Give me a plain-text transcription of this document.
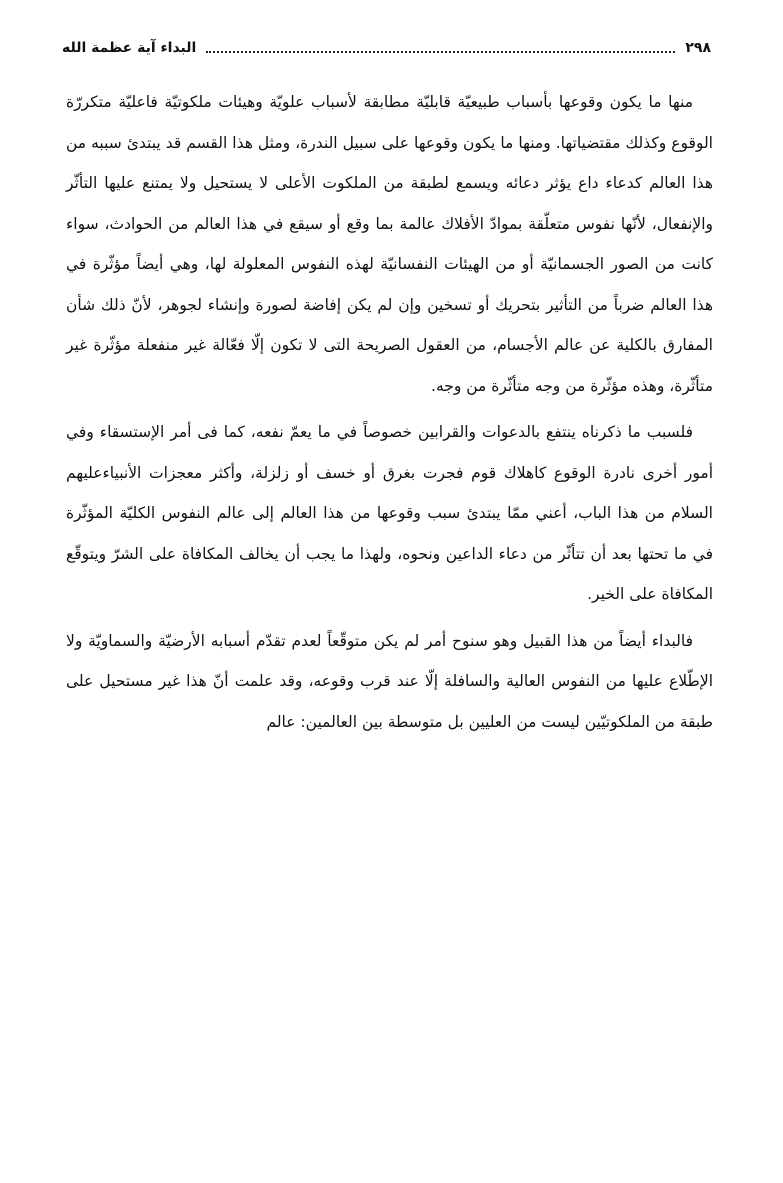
٢٩٨
البداء آية عظمة الله

منها ما يكون وقوعها بأسباب طبيعيّة قابليّة مطابقة لأسباب علويّة وهيئات ملكوتيّة فاعليّة متكررّة الوقوع وكذلك مقتضياتها. ومنها ما يكون وقوعها على سبيل الندرة، ومثل هذا القسم قد يبتدئ سببه من هذا العالم كدعاء داع يؤثر دعائه ويسمع لطبقة من الملكوت الأعلى لا يستحيل ولا يمتنع عليها التأثّر والإنفعال، لأنّها نفوس متعلّقة بموادّ الأفلاك عالمة بما وقع أو سيقع في هذا العالم من الحوادث، سواء كانت من الصور الجسمانيّة أو من الهيئات النفسانيّة لهذه النفوس المعلولة لها، وهي أيضاً مؤثّرة في هذا العالم ضرباً من التأثير بتحريك أو تسخين وإن لم يكن إفاضة لصورة وإنشاء لجوهر، لأنّ ذلك شأن المفارق بالكلية عن عالم الأجسام، من العقول الصريحة التى لا تكون إلّا فعّالة غير منفعلة مؤثّرة غير متأثّرة، وهذه مؤثّرة من وجه متأثّرة من وجه.

فلسبب ما ذكرناه ينتفع بالدعوات والقرابين خصوصاً في ما يعمّ نفعه، كما فى أمر الإستسقاء وفي أمور أخرى نادرة الوقوع كاهلاك قوم فجرت بغرق أو خسف أو زلزلة، وأكثر معجزات الأنبياءعليهم السلام من هذا الباب، أعني ممّا يبتدئ سبب وقوعها من هذا العالم إلى عالم النفوس الكليّة المؤثّرة في ما تحتها بعد أن تتأثّر من دعاء الداعين ونحوه، ولهذا ما يجب أن يخالف المكافاة على الشرّ ويتوقّع المكافاة على الخير.

فالبداء أيضاً من هذا القبيل وهو سنوح أمر لم يكن متوقّعاً لعدم تقدّم أسبابه الأرضيّة والسماويّة ولا الإطّلاع عليها من النفوس العالية والسافلة إلّا عند قرب وقوعه، وقد علمت أنّ هذا غير مستحيل على طبقة من الملكوتيّين ليست من العليين بل متوسطة بين العالمين: عالم
